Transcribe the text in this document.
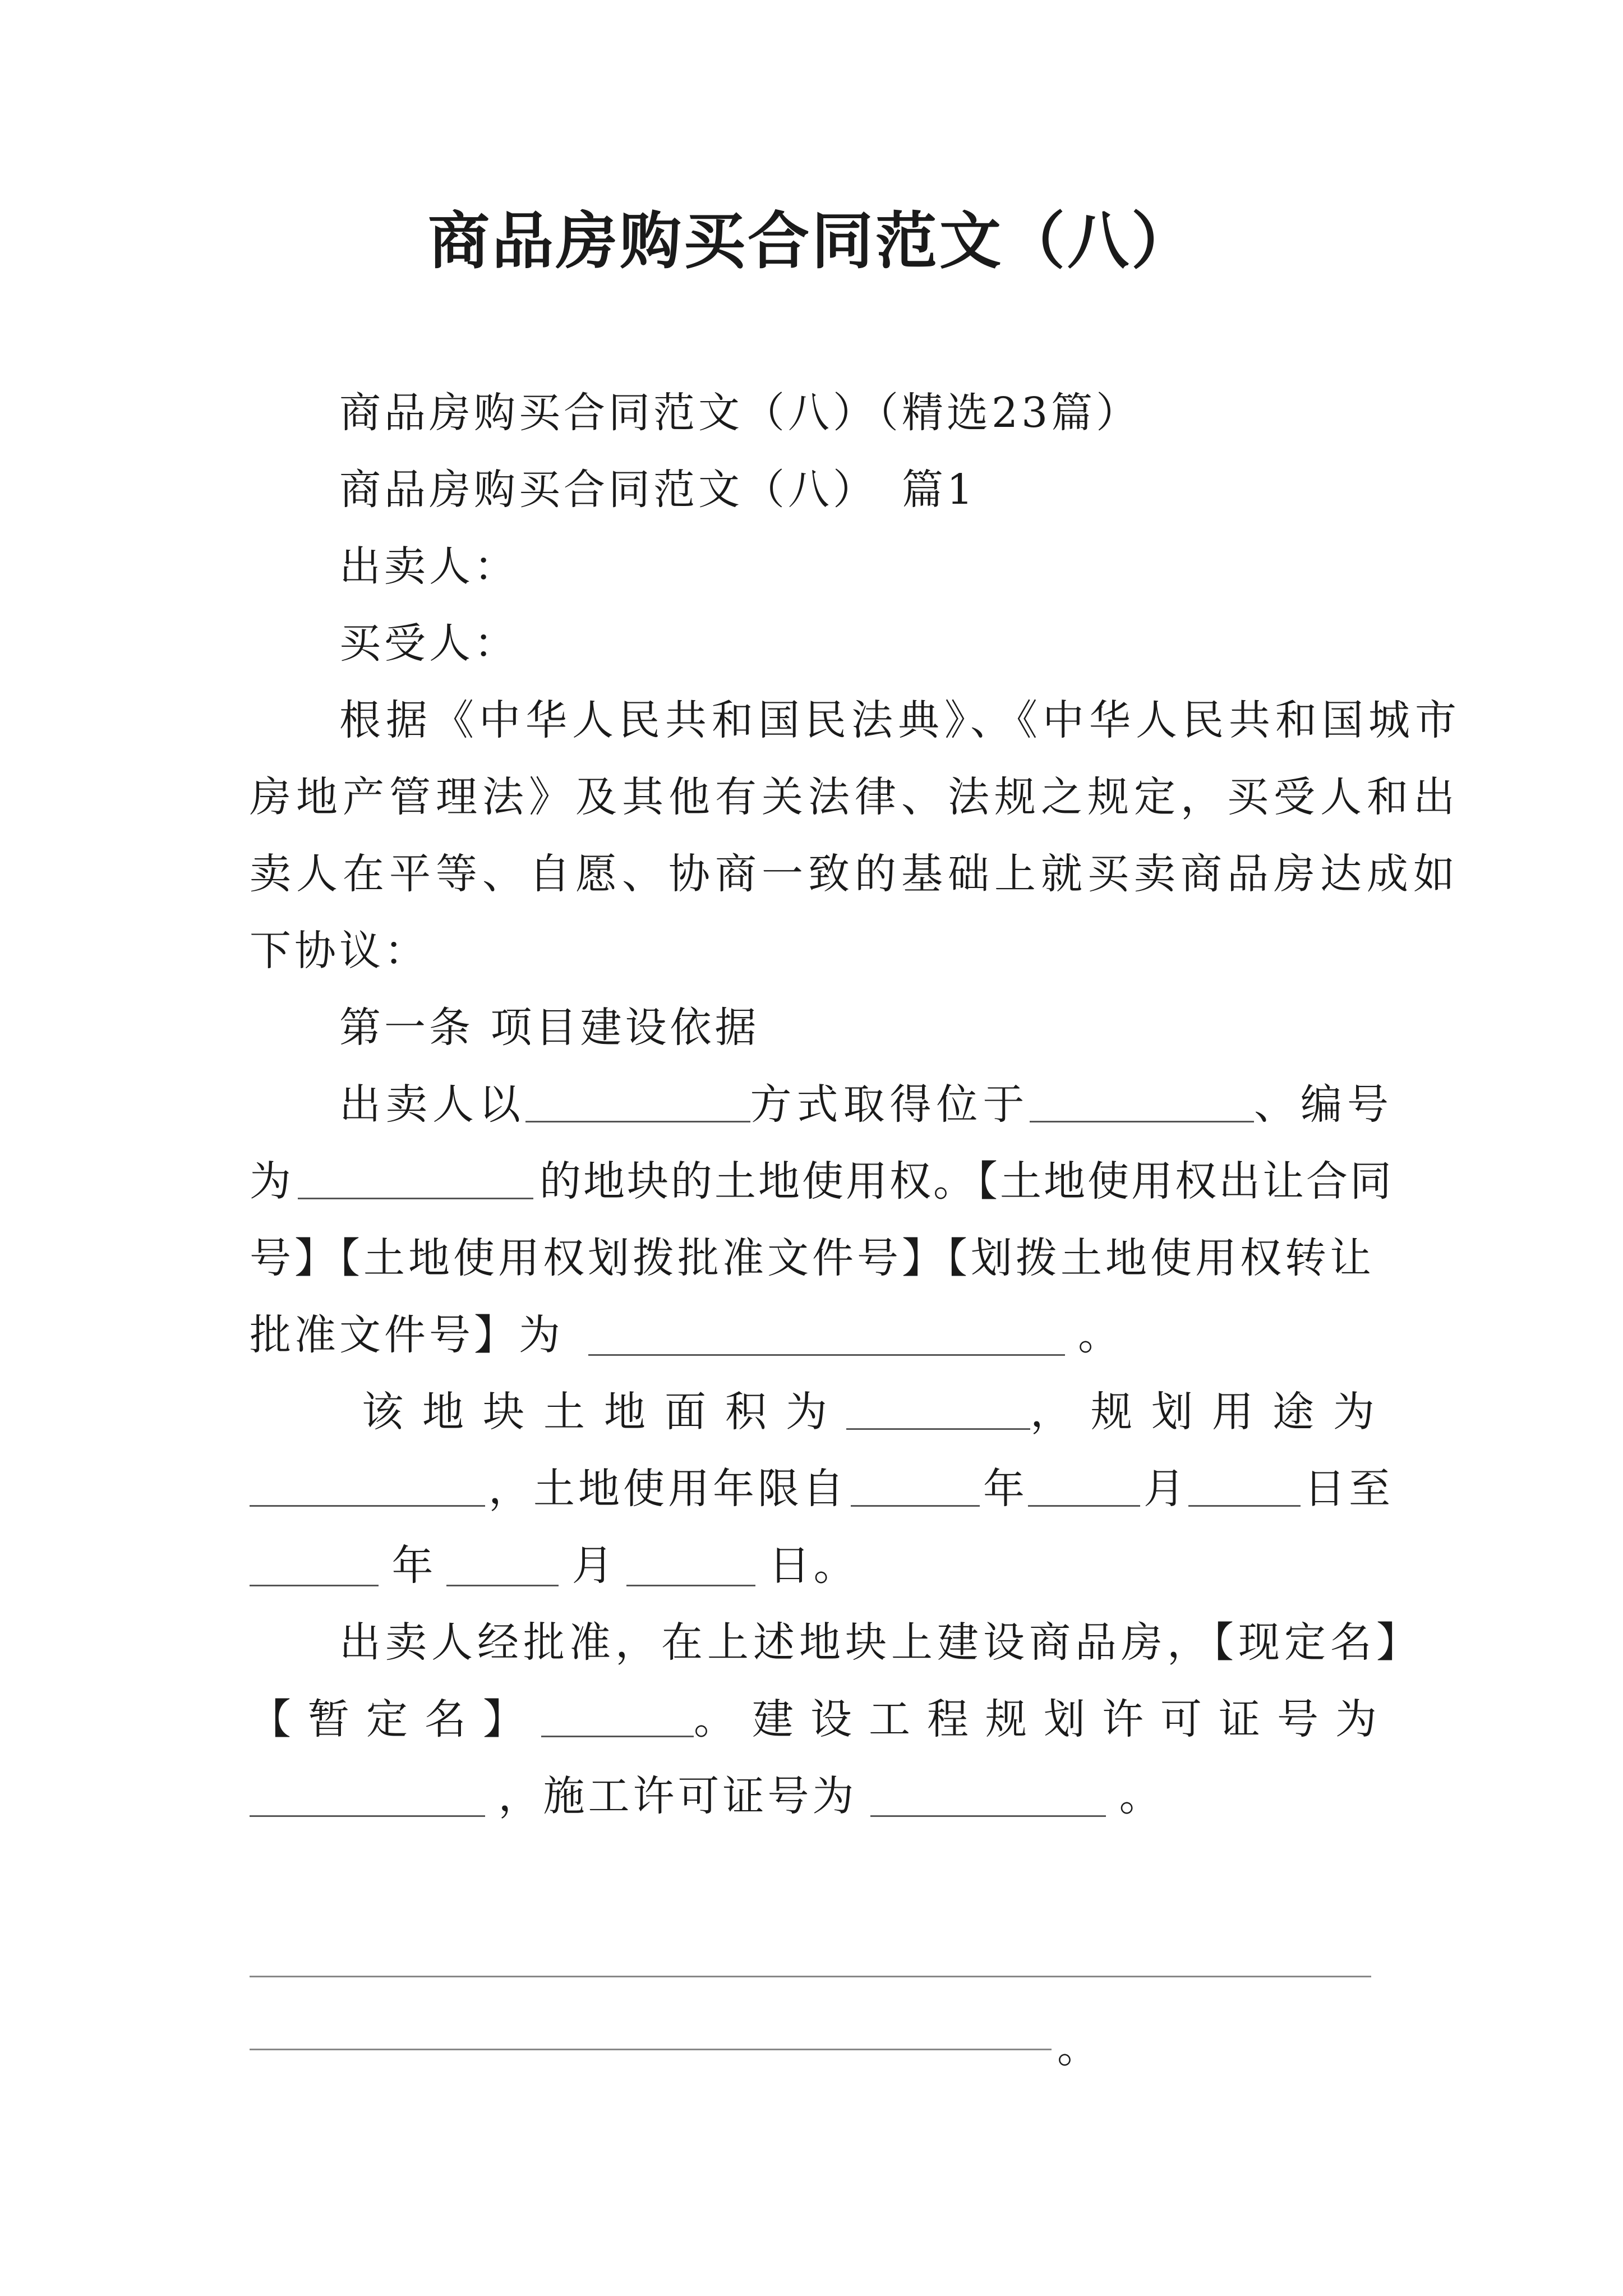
商品房购买合同范文（八）
商品房购买合同范文（八）（精选23篇）
商品房购买合同范文（八）　篇1
出卖人：
买受人：
根据《中华人民共和国民法典》、《中华人民共和国城市
房地产管理法》及其他有关法律、法规之规定，买受人和出
卖人在平等、自愿、协商一致的基础上就买卖商品房达成如
下协议：
第一条 项目建设依据
出卖人以	方式取得位于	、编号
为	的地块的土地使用权。【土地使用权出让合同
号】【土地使用权划拨批准文件号】【划拨土地使用权转让
批准文件号】为	。
该地块土地面积为	，规划用途为
，土地使用年限自	年	月	日至
年	月	日。
出卖人经批准，在上述地块上建设商品房，【现定名】
【暂定名】	。建设工程规划许可证号为
，施工许可证号为	。
。
